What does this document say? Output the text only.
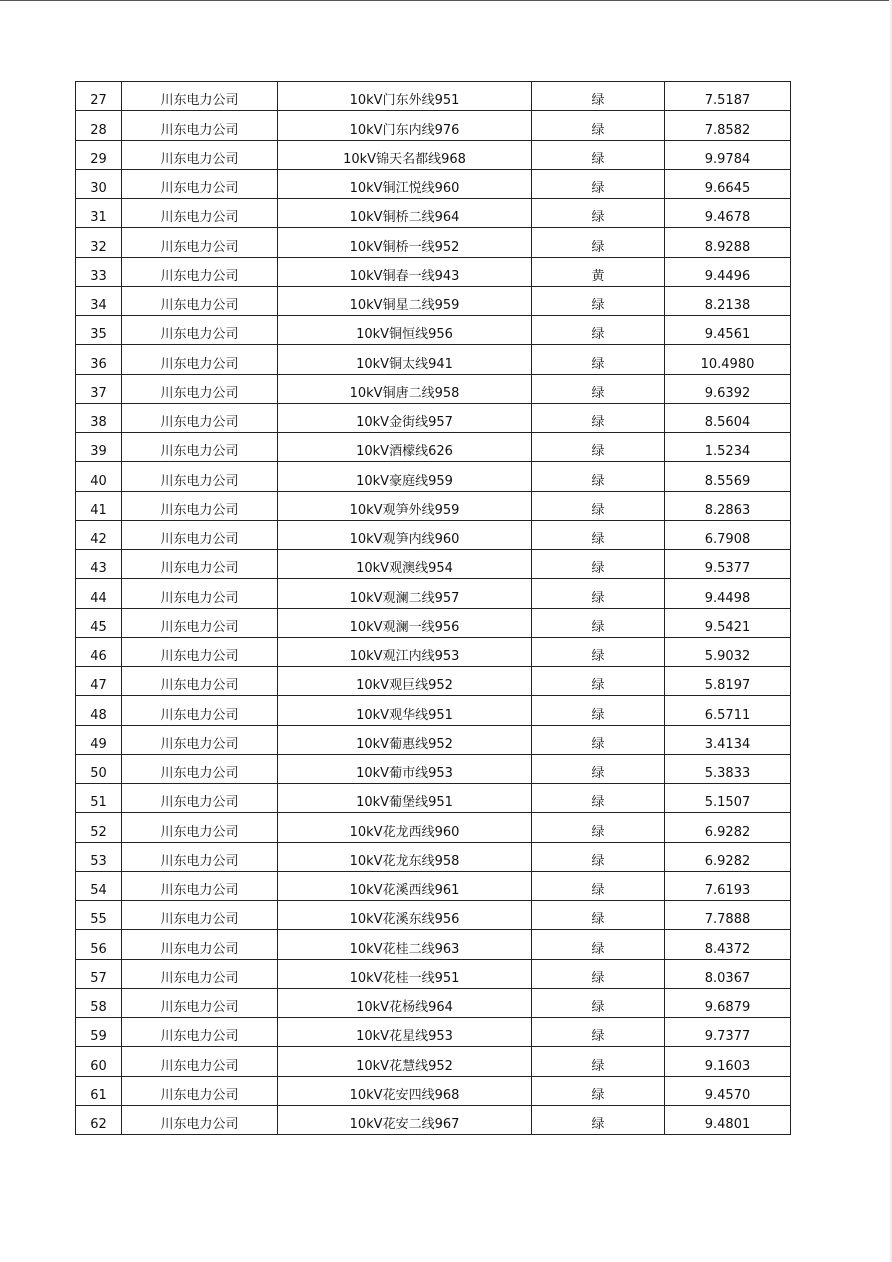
27	川东电力公司	10kV门东外线951	绿	7.5187
28	川东电力公司	10kV门东内线976	绿	7.8582
29	川东电力公司	10kV锦天名都线968	绿	9.9784
30	川东电力公司	10kV铜江悦线960	绿	9.6645
31	川东电力公司	10kV铜桥二线964	绿	9.4678
32	川东电力公司	10kV铜桥一线952	绿	8.9288
33	川东电力公司	10kV铜春一线943	黄	9.4496
34	川东电力公司	10kV铜星二线959	绿	8.2138
35	川东电力公司	10kV铜恒线956	绿	9.4561
36	川东电力公司	10kV铜太线941	绿	10.4980
37	川东电力公司	10kV铜唐二线958	绿	9.6392
38	川东电力公司	10kV金街线957	绿	8.5604
39	川东电力公司	10kV酒檬线626	绿	1.5234
40	川东电力公司	10kV豪庭线959	绿	8.5569
41	川东电力公司	10kV观笋外线959	绿	8.2863
42	川东电力公司	10kV观笋内线960	绿	6.7908
43	川东电力公司	10kV观澳线954	绿	9.5377
44	川东电力公司	10kV观澜二线957	绿	9.4498
45	川东电力公司	10kV观澜一线956	绿	9.5421
46	川东电力公司	10kV观江内线953	绿	5.9032
47	川东电力公司	10kV观巨线952	绿	5.8197
48	川东电力公司	10kV观华线951	绿	6.5711
49	川东电力公司	10kV葡惠线952	绿	3.4134
50	川东电力公司	10kV葡市线953	绿	5.3833
51	川东电力公司	10kV葡堡线951	绿	5.1507
52	川东电力公司	10kV花龙西线960	绿	6.9282
53	川东电力公司	10kV花龙东线958	绿	6.9282
54	川东电力公司	10kV花溪西线961	绿	7.6193
55	川东电力公司	10kV花溪东线956	绿	7.7888
56	川东电力公司	10kV花桂二线963	绿	8.4372
57	川东电力公司	10kV花桂一线951	绿	8.0367
58	川东电力公司	10kV花杨线964	绿	9.6879
59	川东电力公司	10kV花星线953	绿	9.7377
60	川东电力公司	10kV花慧线952	绿	9.1603
61	川东电力公司	10kV花安四线968	绿	9.4570
62	川东电力公司	10kV花安二线967	绿	9.4801
